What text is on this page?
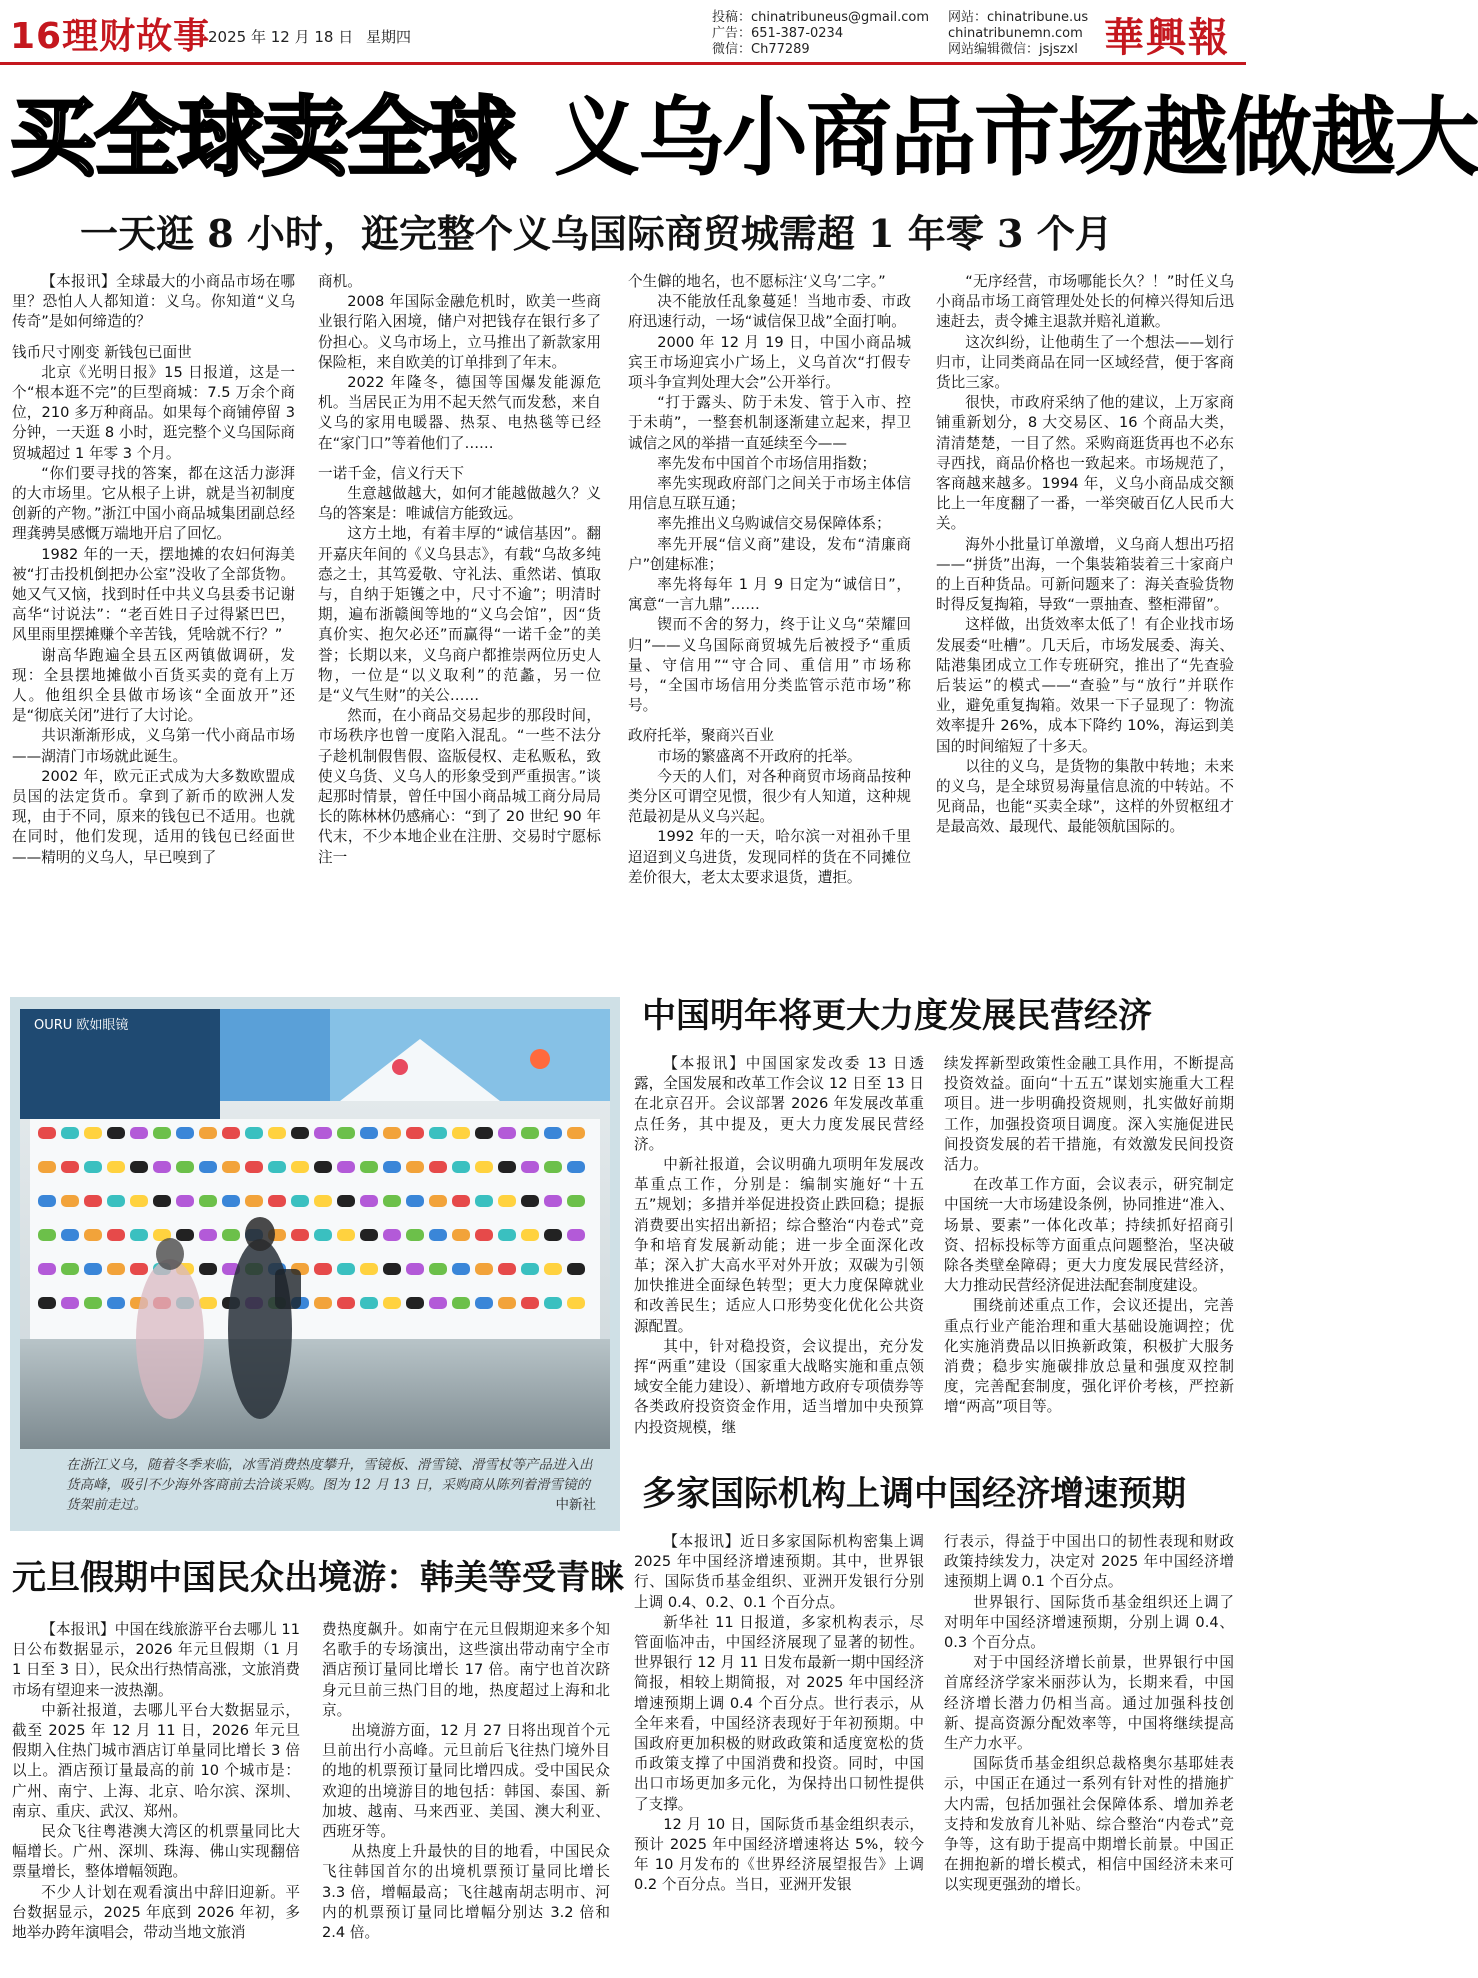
16理财故事
2025 年 12 月 18 日 星期四
投稿：chinatribuneus@gmail.com
广告：651-387-0234
微信：Ch77289
网站：chinatribune.us
chinatribunemn.com
网站编辑微信：jsjszxl 華興報
买全球卖全球 义乌小商品市场越做越大
一天逛 8 小时，逛完整个义乌国际商贸城需超 1 年零 3 个月

【本报讯】全球最大的小商品市场在哪里？恐怕人人都知道：义乌。你知道“义乌传奇”是如何缔造的？

钱币尺寸刚变 新钱包已面世

北京《光明日报》15 日报道，这是一个“根本逛不完”的巨型商城：7.5 万余个商位，210 多万种商品。如果每个商铺停留 3 分钟，一天逛 8 小时，逛完整个义乌国际商贸城超过 1 年零 3 个月。

“你们要寻找的答案，都在这活力澎湃的大市场里。它从根子上讲，就是当初制度创新的产物。”浙江中国小商品城集团副总经理龚骋昊感慨万端地开启了回忆。

1982 年的一天，摆地摊的农妇何海美被“打击投机倒把办公室”没收了全部货物。她又气又恼，找到时任中共义乌县委书记谢高华“讨说法”：“老百姓日子过得紧巴巴，风里雨里摆摊赚个辛苦钱，凭啥就不行？”

谢高华跑遍全县五区两镇做调研，发现：全县摆地摊做小百货买卖的竟有上万人。他组织全县做市场该“全面放开”还是“彻底关闭”进行了大讨论。

共识渐渐形成，义乌第一代小商品市场——湖清门市场就此诞生。

2002 年，欧元正式成为大多数欧盟成员国的法定货币。拿到了新币的欧洲人发现，由于不同，原来的钱包已不适用。也就在同时，他们发现，适用的钱包已经面世——精明的义乌人，早已嗅到了

商机。

2008 年国际金融危机时，欧美一些商业银行陷入困境，储户对把钱存在银行多了份担心。义乌市场上，立马推出了新款家用保险柜，来自欧美的订单排到了年末。

2022 年隆冬，德国等国爆发能源危机。当居民正为用不起天然气而发愁，来自义乌的家用电暖器、热泵、电热毯等已经在“家门口”等着他们了……

一诺千金，信义行天下

生意越做越大，如何才能越做越久？义乌的答案是：唯诚信方能致远。

这方土地，有着丰厚的“诚信基因”。翻开嘉庆年间的《义乌县志》，有载“乌故多纯悫之士，其笃爱敬、守礼法、重然诺、慎取与，自纳于矩镬之中，尺寸不逾”；明清时期，遍布浙赣闽等地的“义乌会馆”，因“货真价实、抱欠必还”而赢得“一诺千金”的美誉；长期以来，义乌商户都推崇两位历史人物，一位是“以义取利”的范蠡，另一位是“义气生财”的关公……

然而，在小商品交易起步的那段时间，市场秩序也曾一度陷入混乱。“一些不法分子趁机制假售假、盗版侵权、走私贩私，致使义乌货、义乌人的形象受到严重损害。”谈起那时情景，曾任中国小商品城工商分局局长的陈林林仍感痛心：“到了 20 世纪 90 年代末，不少本地企业在注册、交易时宁愿标注一

个生僻的地名，也不愿标注‘义乌’二字。”

决不能放任乱象蔓延！当地市委、市政府迅速行动，一场“诚信保卫战”全面打响。

2000 年 12 月 19 日，中国小商品城宾王市场迎宾小广场上，义乌首次“打假专项斗争宣判处理大会”公开举行。

“打于露头、防于未发、管于入市、控于未萌”，一整套机制逐渐建立起来，捍卫诚信之风的举措一直延续至今——

率先发布中国首个市场信用指数；

率先实现政府部门之间关于市场主体信用信息互联互通；

率先推出义乌购诚信交易保障体系；

率先开展“信义商”建设，发布“清廉商户”创建标准；

率先将每年 1 月 9 日定为“诚信日”，寓意“一言九鼎”……

锲而不舍的努力，终于让义乌“荣耀回归”——义乌国际商贸城先后被授予“重质量、守信用”“守合同、重信用”市场称号，“全国市场信用分类监管示范市场”称号。

政府托举，聚商兴百业

市场的繁盛离不开政府的托举。

今天的人们，对各种商贸市场商品按种类分区可谓空见惯，很少有人知道，这种规范最初是从义乌兴起。

1992 年的一天，哈尔滨一对祖孙千里迢迢到义乌进货，发现同样的货在不同摊位差价很大，老太太要求退货，遭拒。

“无序经营，市场哪能长久？！”时任义乌小商品市场工商管理处处长的何樟兴得知后迅速赶去，责令摊主退款并赔礼道歉。

这次纠纷，让他萌生了一个想法——划行归市，让同类商品在同一区域经营，便于客商货比三家。

很快，市政府采纳了他的建议，上万家商铺重新划分，8 大交易区、16 个商品大类，清清楚楚，一目了然。采购商逛货再也不必东寻西找，商品价格也一致起来。市场规范了，客商越来越多。1994 年，义乌小商品成交额比上一年度翻了一番，一举突破百亿人民币大关。

海外小批量订单激增，义乌商人想出巧招——“拼货”出海，一个集装箱装着三十家商户的上百种货品。可新问题来了：海关查验货物时得反复掏箱，导致“一票抽查、整柜滞留”。

这样做，出货效率太低了！有企业找市场发展委“吐槽”。几天后，市场发展委、海关、陆港集团成立工作专班研究，推出了“先查验后装运”的模式——“查验”与“放行”并联作业，避免重复掏箱。效果一下子显现了：物流效率提升 26%，成本下降约 10%，海运到美国的时间缩短了十多天。

以往的义乌，是货物的集散中转地；未来的义乌，是全球贸易海量信息流的中转站。不见商品，也能“买卖全球”，这样的外贸枢纽才是最高效、最现代、最能领航国际的。

OURU 欧如眼镜
在浙江义乌，随着冬季来临，冰雪消费热度攀升，雪镜板、滑雪镜、滑雪杖等产品进入出货高峰，吸引不少海外客商前去洽谈采购。图为 12 月 13 日，采购商从陈列着滑雪镜的货架前走过。	中新社
中国明年将更大力度发展民营经济

【本报讯】中国国家发改委 13 日透露，全国发展和改革工作会议 12 日至 13 日在北京召开。会议部署 2026 年发展改革重点任务，其中提及，更大力度发展民营经济。

中新社报道，会议明确九项明年发展改革重点工作，分别是：编制实施好“十五五”规划；多措并举促进投资止跌回稳；提振消费要出实招出新招；综合整治“内卷式”竞争和培育发展新动能；进一步全面深化改革；深入扩大高水平对外开放；双碳为引领加快推进全面绿色转型；更大力度保障就业和改善民生；适应人口形势变化优化公共资源配置。

其中，针对稳投资，会议提出，充分发挥“两重”建设（国家重大战略实施和重点领域安全能力建设）、新增地方政府专项债券等各类政府投资资金作用，适当增加中央预算内投资规模，继

续发挥新型政策性金融工具作用，不断提高投资效益。面向“十五五”谋划实施重大工程项目。进一步明确投资规则，扎实做好前期工作，加强投资项目调度。深入实施促进民间投资发展的若干措施，有效激发民间投资活力。

在改革工作方面，会议表示，研究制定中国统一大市场建设条例，协同推进“准入、场景、要素”一体化改革；持续抓好招商引资、招标投标等方面重点问题整治，坚决破除各类壁垒障碍；更大力度发展民营经济，大力推动民营经济促进法配套制度建设。

围绕前述重点工作，会议还提出，完善重点行业产能治理和重大基础设施调控；优化实施消费品以旧换新政策，积极扩大服务消费；稳步实施碳排放总量和强度双控制度，完善配套制度，强化评价考核，严控新增“两高”项目等。

多家国际机构上调中国经济增速预期

【本报讯】近日多家国际机构密集上调 2025 年中国经济增速预期。其中，世界银行、国际货币基金组织、亚洲开发银行分别上调 0.4、0.2、0.1 个百分点。

新华社 11 日报道，多家机构表示，尽管面临冲击，中国经济展现了显著的韧性。世界银行 12 月 11 日发布最新一期中国经济简报，相较上期简报，对 2025 年中国经济增速预期上调 0.4 个百分点。世行表示，从全年来看，中国经济表现好于年初预期。中国政府更加积极的财政政策和适度宽松的货币政策支撑了中国消费和投资。同时，中国出口市场更加多元化，为保持出口韧性提供了支撑。

12 月 10 日，国际货币基金组织表示，预计 2025 年中国经济增速将达 5%，较今年 10 月发布的《世界经济展望报告》上调 0.2 个百分点。当日，亚洲开发银

行表示，得益于中国出口的韧性表现和财政政策持续发力，决定对 2025 年中国经济增速预期上调 0.1 个百分点。

世界银行、国际货币基金组织还上调了对明年中国经济增速预期，分别上调 0.4、0.3 个百分点。

对于中国经济增长前景，世界银行中国首席经济学家米丽莎认为，长期来看，中国经济增长潜力仍相当高。通过加强科技创新、提高资源分配效率等，中国将继续提高生产力水平。

国际货币基金组织总裁格奥尔基耶娃表示，中国正在通过一系列有针对性的措施扩大内需，包括加强社会保障体系、增加养老支持和发放育儿补贴、综合整治“内卷式”竞争等，这有助于提高中期增长前景。中国正在拥抱新的增长模式，相信中国经济未来可以实现更强劲的增长。

元旦假期中国民众出境游：韩美等受青睐

【本报讯】中国在线旅游平台去哪儿 11 日公布数据显示，2026 年元旦假期（1 月 1 日至 3 日），民众出行热情高涨，文旅消费市场有望迎来一波热潮。

中新社报道，去哪儿平台大数据显示，截至 2025 年 12 月 11 日，2026 年元旦假期入住热门城市酒店订单量同比增长 3 倍以上。酒店预订量最高的前 10 个城市是：广州、南宁、上海、北京、哈尔滨、深圳、南京、重庆、武汉、郑州。

民众飞往粤港澳大湾区的机票量同比大幅增长。广州、深圳、珠海、佛山实现翻倍票量增长，整体增幅领跑。

不少人计划在观看演出中辞旧迎新。平台数据显示，2025 年底到 2026 年初，多地举办跨年演唱会，带动当地文旅消

费热度飙升。如南宁在元旦假期迎来多个知名歌手的专场演出，这些演出带动南宁全市酒店预订量同比增长 17 倍。南宁也首次跻身元旦前三热门目的地，热度超过上海和北京。

出境游方面，12 月 27 日将出现首个元旦前出行小高峰。元旦前后飞往热门境外目的地的机票预订量同比增四成。受中国民众欢迎的出境游目的地包括：韩国、泰国、新加坡、越南、马来西亚、美国、澳大利亚、西班牙等。

从热度上升最快的目的地看，中国民众飞往韩国首尔的出境机票预订量同比增长 3.3 倍，增幅最高；飞往越南胡志明市、河内的机票预订量同比增幅分别达 3.2 倍和 2.4 倍。
